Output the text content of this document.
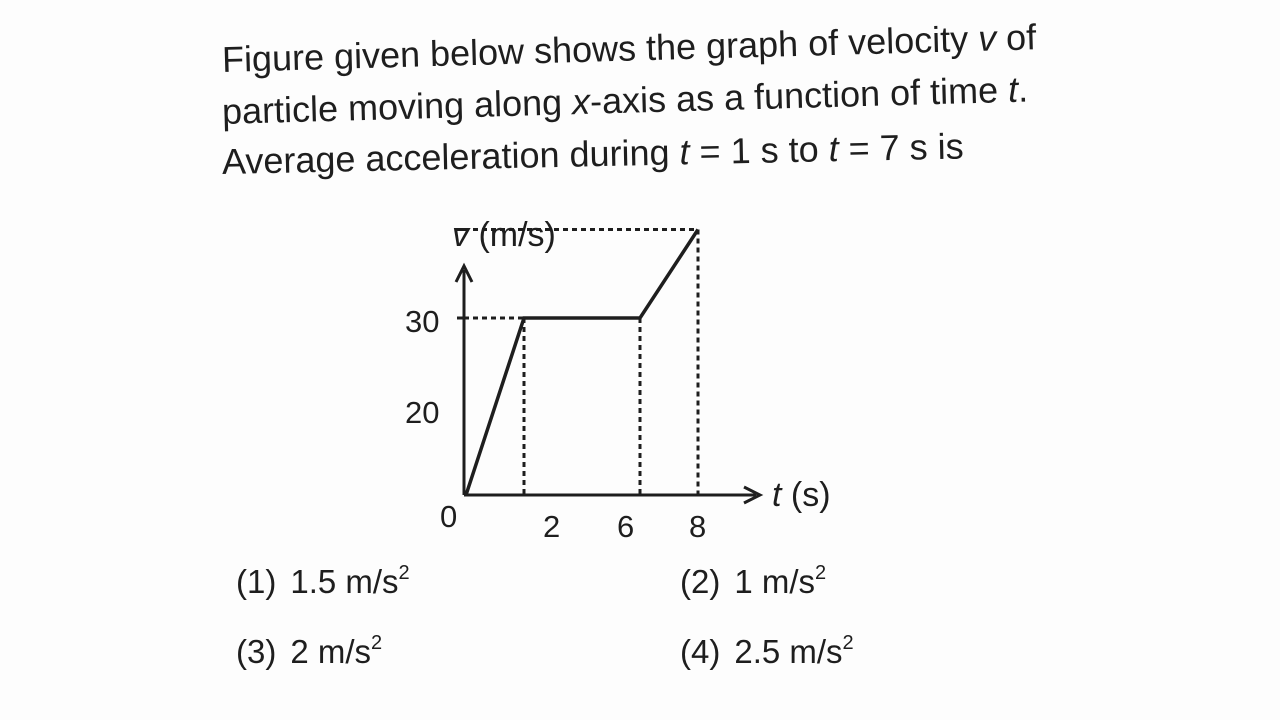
Figure given below shows the graph of velocity v of
particle moving along x-axis as a function of time t.
Average acceleration during t = 1 s to t = 7 s is
v (m/s)
t (s)
0
20
30
2 6 8
(1) 1.5 $m/s^2$	(2) 1 $m/s^2$
(3) 2 $m/s^2$	(4) 2.5 $m/s^2$
